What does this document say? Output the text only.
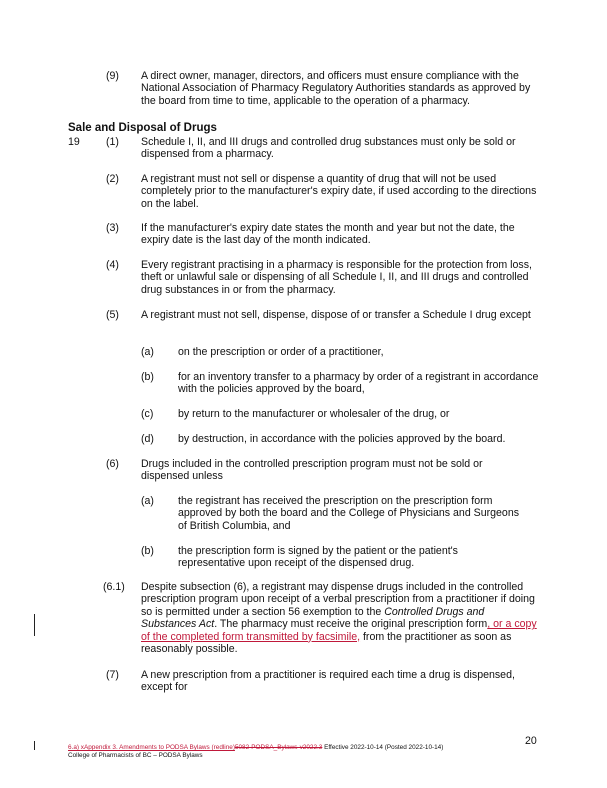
(9) A direct owner, manager, directors, and officers must ensure compliance with the National Association of Pharmacy Regulatory Authorities standards as approved by the board from time to time, applicable to the operation of a pharmacy.
Sale and Disposal of Drugs
19 (1) Schedule I, II, and III drugs and controlled drug substances must only be sold or dispensed from a pharmacy.
(2) A registrant must not sell or dispense a quantity of drug that will not be used completely prior to the manufacturer's expiry date, if used according to the directions on the label.
(3) If the manufacturer's expiry date states the month and year but not the date, the expiry date is the last day of the month indicated.
(4) Every registrant practising in a pharmacy is responsible for the protection from loss, theft or unlawful sale or dispensing of all Schedule I, II, and III drugs and controlled drug substances in or from the pharmacy.
(5) A registrant must not sell, dispense, dispose of or transfer a Schedule I drug except
(a) on the prescription or order of a practitioner,
(b) for an inventory transfer to a pharmacy by order of a registrant in accordance with the policies approved by the board,
(c) by return to the manufacturer or wholesaler of the drug, or
(d) by destruction, in accordance with the policies approved by the board.
(6) Drugs included in the controlled prescription program must not be sold or dispensed unless
(a) the registrant has received the prescription on the prescription form approved by both the board and the College of Physicians and Surgeons of British Columbia, and
(b) the prescription form is signed by the patient or the patient's representative upon receipt of the dispensed drug.
(6.1) Despite subsection (6), a registrant may dispense drugs included in the controlled prescription program upon receipt of a verbal prescription from a practitioner if doing so is permitted under a section 56 exemption to the Controlled Drugs and Substances Act. The pharmacy must receive the original prescription form, or a copy of the completed form transmitted by facsimile, from the practitioner as soon as reasonably possible.
(7) A new prescription from a practitioner is required each time a drug is dispensed, except for
20
6.a) xAppendix 3. Amendments to PODSA Bylaws (redline)5082-PODSA_Bylaws-v2022.3 Effective 2022-10-14 (Posted 2022-10-14)
College of Pharmacists of BC – PODSA Bylaws
